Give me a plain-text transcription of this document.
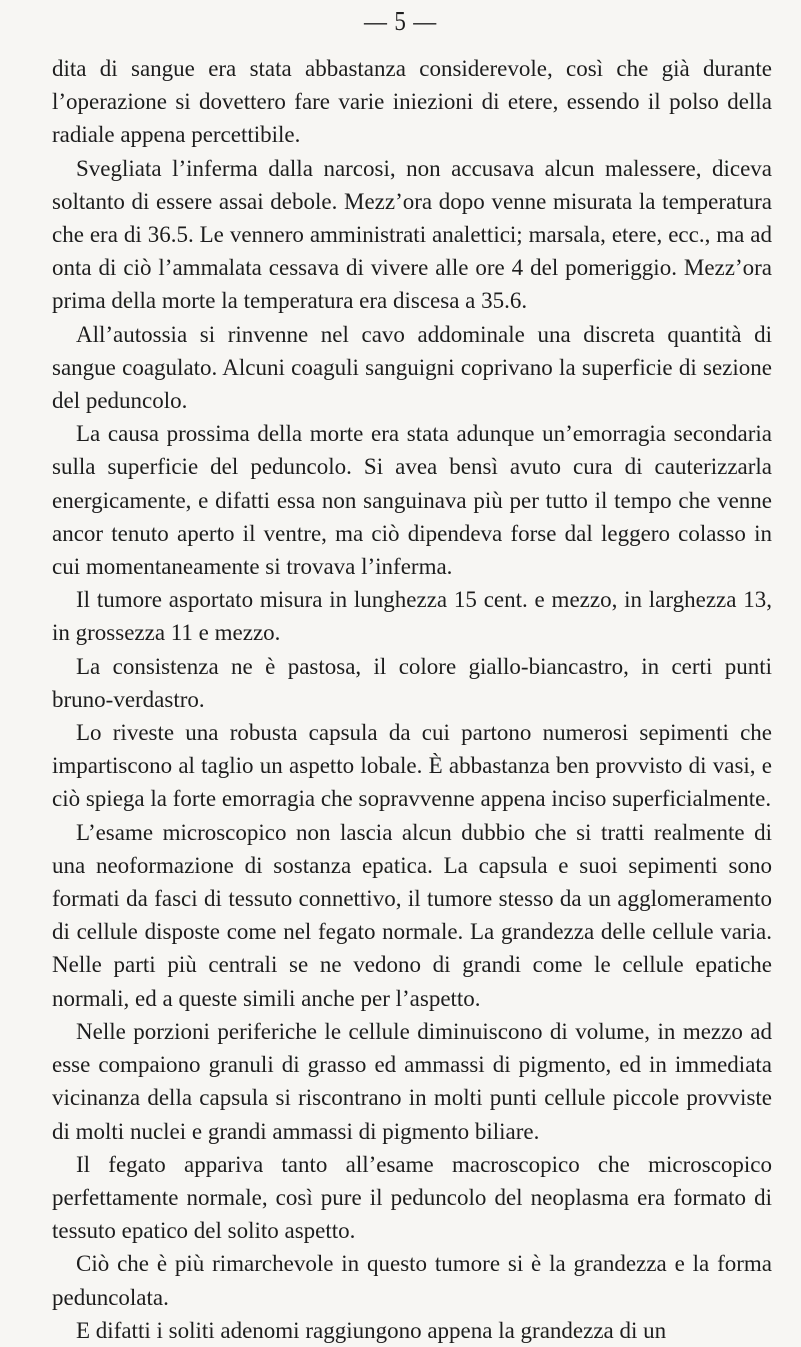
— 5 —

dita di sangue era stata abbastanza considerevole, così che già durante l’operazione si dovettero fare varie iniezioni di etere, essendo il polso della radiale appena percettibile.

Svegliata l’inferma dalla narcosi, non accusava alcun malessere, diceva soltanto di essere assai debole. Mezz’ora dopo venne misurata la temperatura che era di 36.5. Le vennero amministrati analettici; marsala, etere, ecc., ma ad onta di ciò l’ammalata cessava di vivere alle ore 4 del pomeriggio. Mezz’ora prima della morte la temperatura era discesa a 35.6.

All’autossia si rinvenne nel cavo addominale una discreta quantità di sangue coagulato. Alcuni coaguli sanguigni coprivano la superficie di sezione del peduncolo.

La causa prossima della morte era stata adunque un’emorragia secondaria sulla superficie del peduncolo. Si avea bensì avuto cura di cauterizzarla energicamente, e difatti essa non sanguinava più per tutto il tempo che venne ancor tenuto aperto il ventre, ma ciò dipendeva forse dal leggero colasso in cui momentaneamente si trovava l’inferma.

Il tumore asportato misura in lunghezza 15 cent. e mezzo, in larghezza 13, in grossezza 11 e mezzo.

La consistenza ne è pastosa, il colore giallo-biancastro, in certi punti bruno-verdastro.

Lo riveste una robusta capsula da cui partono numerosi sepimenti che impartiscono al taglio un aspetto lobale. È abbastanza ben provvisto di vasi, e ciò spiega la forte emorragia che sopravvenne appena inciso superficialmente.

L’esame microscopico non lascia alcun dubbio che si tratti realmente di una neoformazione di sostanza epatica. La capsula e suoi sepimenti sono formati da fasci di tessuto connettivo, il tumore stesso da un agglomeramento di cellule disposte come nel fegato normale. La grandezza delle cellule varia. Nelle parti più centrali se ne vedono di grandi come le cellule epatiche normali, ed a queste simili anche per l’aspetto.

Nelle porzioni periferiche le cellule diminuiscono di volume, in mezzo ad esse compaiono granuli di grasso ed ammassi di pigmento, ed in immediata vicinanza della capsula si riscontrano in molti punti cellule piccole provviste di molti nuclei e grandi ammassi di pigmento biliare.

Il fegato appariva tanto all’esame macroscopico che microscopico perfettamente normale, così pure il peduncolo del neoplasma era formato di tessuto epatico del solito aspetto.

Ciò che è più rimarchevole in questo tumore si è la grandezza e la forma peduncolata.

E difatti i soliti adenomi raggiungono appena la grandezza di un
